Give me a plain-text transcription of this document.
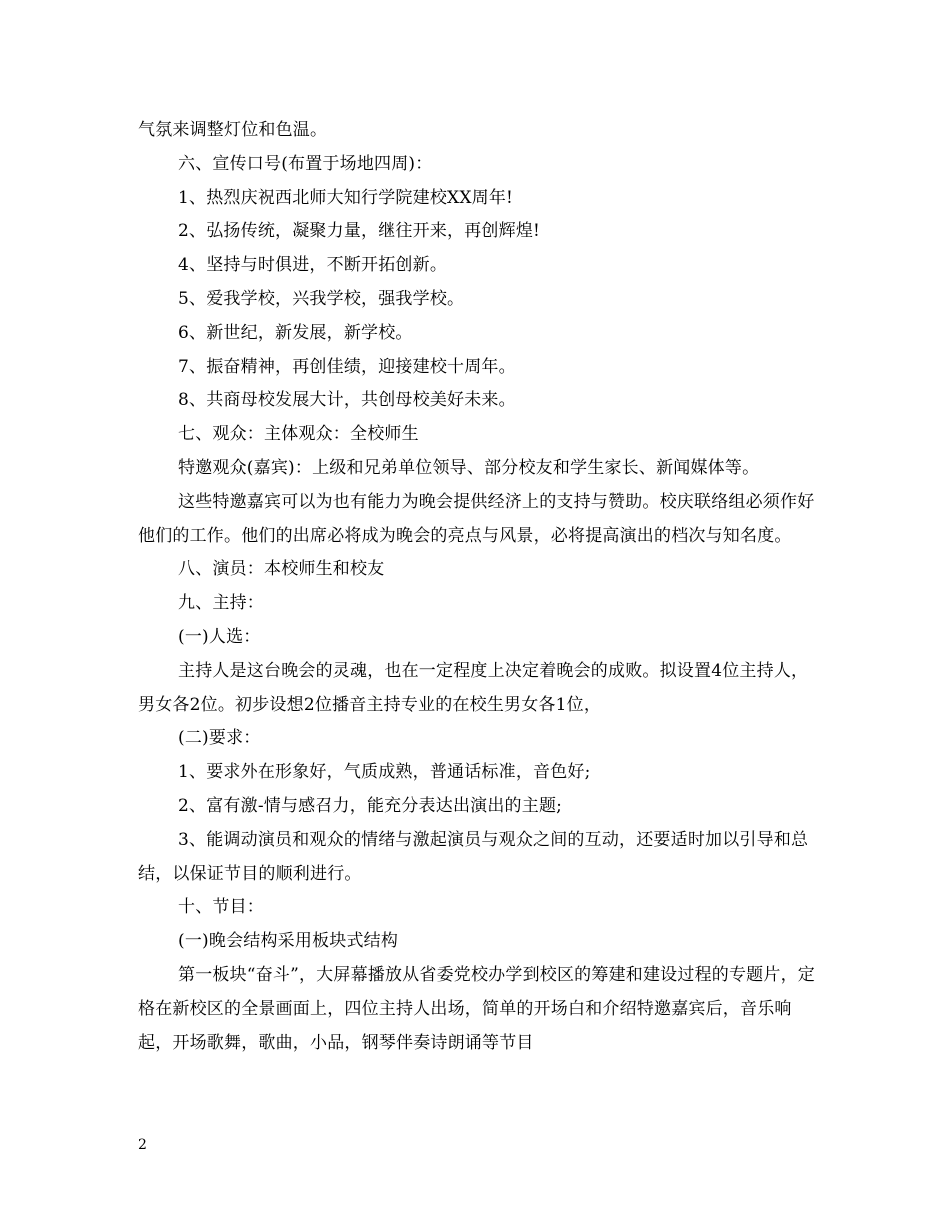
气氛来调整灯位和色温。

六、宣传口号(布置于场地四周)：

1、热烈庆祝西北师大知行学院建校XX周年!

2、弘扬传统，凝聚力量，继往开来，再创辉煌!

4、坚持与时俱进，不断开拓创新。

5、爱我学校，兴我学校，强我学校。

6、新世纪，新发展，新学校。

7、振奋精神，再创佳绩，迎接建校十周年。

8、共商母校发展大计，共创母校美好未来。

七、观众：主体观众：全校师生

特邀观众(嘉宾)：上级和兄弟单位领导、部分校友和学生家长、新闻媒体等。

这些特邀嘉宾可以为也有能力为晚会提供经济上的支持与赞助。校庆联络组必须作好他们的工作。他们的出席必将成为晚会的亮点与风景，必将提高演出的档次与知名度。

八、演员：本校师生和校友

九、主持：

(一)人选：

主持人是这台晚会的灵魂，也在一定程度上决定着晚会的成败。拟设置4位主持人，男女各2位。初步设想2位播音主持专业的在校生男女各1位，

(二)要求：

1、要求外在形象好，气质成熟，普通话标准，音色好;

2、富有激-情与感召力，能充分表达出演出的主题;

3、能调动演员和观众的情绪与激起演员与观众之间的互动，还要适时加以引导和总结，以保证节目的顺利进行。

十、节目：

(一)晚会结构采用板块式结构

第一板块“奋斗”，大屏幕播放从省委党校办学到校区的筹建和建设过程的专题片，定格在新校区的全景画面上，四位主持人出场，简单的开场白和介绍特邀嘉宾后，音乐响起，开场歌舞，歌曲，小品，钢琴伴奏诗朗诵等节目

2
